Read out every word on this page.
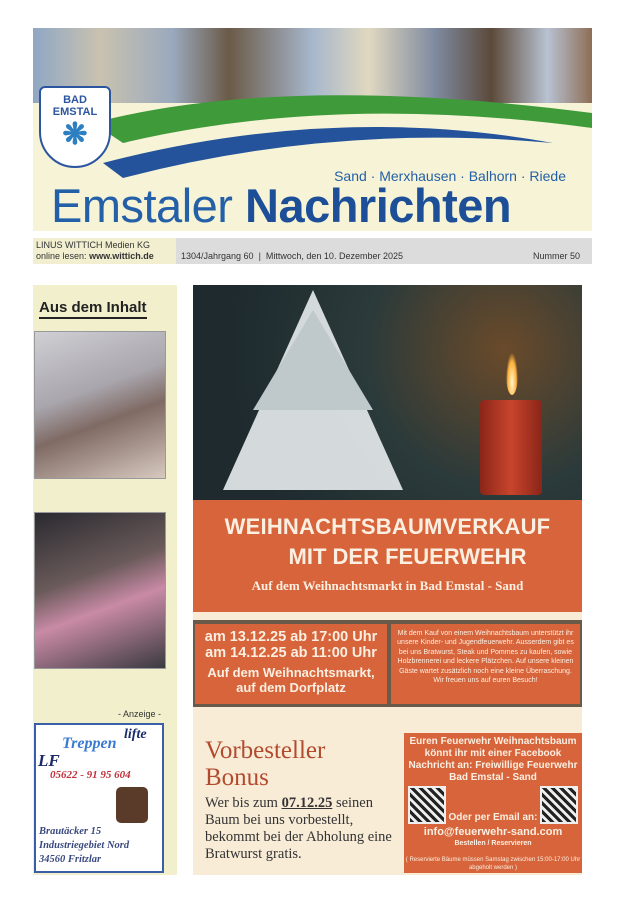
BAD
EMSTAL
❋
Sand · Merxhausen · Balhorn · Riede
Emstaler Nachrichten
LINUS WITTICH Medien KG
online lesen: www.wittich.de	1304/Jahrgang 60  |  Mittwoch, den 10. Dezember 2025	Nummer 50
Aus dem Inhalt
- Anzeige -
LF
Treppen
lifte
05622 - 91 95 604
Brautäcker 15
Industriegebiet Nord
34560 Fritzlar
WEIHNACHTSBAUMVERKAUF
MIT DER FEUERWEHR
Auf dem Weihnachtsmarkt in Bad Emstal - Sand
am 13.12.25 ab 17:00 Uhr
am 14.12.25 ab 11:00 Uhr
Auf dem Weihnachtsmarkt,
auf dem Dorfplatz
Mit dem Kauf von einem Weihnachtsbaum unterstützt ihr unsere Kinder- und Jugendfeuerwehr. Ausserdem gibt es bei uns Bratwurst, Steak und Pommes zu kaufen, sowie Holzbrennerei und leckere Plätzchen. Auf unsere kleinen Gäste wartet zusätzlich noch eine kleine Überraschung. Wir freuen uns auf euren Besuch!
Vorbesteller
Bonus
Wer bis zum 07.12.25 seinen Baum bei uns vorbestellt, bekommt bei der Abholung eine Bratwurst gratis.
Euren Feuerwehr Weihnachtsbaum könnt ihr mit einer Facebook Nachricht an: Freiwillige Feuerwehr Bad Emstal - Sand
Oder per Email an:
info@feuerwehr-sand.com
Bestellen / Reservieren
( Reservierte Bäume müssen Samstag zwischen 15:00-17:00 Uhr abgeholt werden )
